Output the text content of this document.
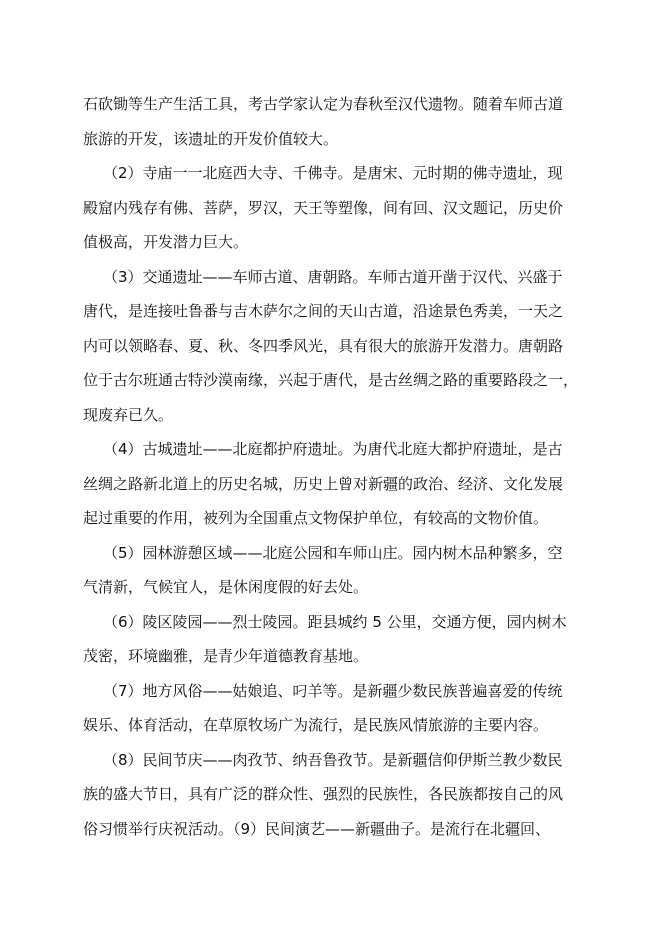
石砍锄等生产生活工具，考古学家认定为春秋至汉代遗物。随着车师古道

旅游的开发，该遗址的开发价值较大。

（2）寺庙一一北庭西大寺、千佛寺。是唐宋、元时期的佛寺遗址，现

殿窟内残存有佛、菩萨，罗汉，天王等塑像，间有回、汉文题记，历史价

值极高，开发潜力巨大。

（3）交通遗址——车师古道、唐朝路。车师古道开凿于汉代、兴盛于

唐代，是连接吐鲁番与吉木萨尔之间的天山古道，沿途景色秀美，一天之

内可以领略春、夏、秋、冬四季风光，具有很大的旅游开发潜力。唐朝路

位于古尔班通古特沙漠南缘，兴起于唐代，是古丝绸之路的重要路段之一，

现废弃已久。

（4）古城遗址——北庭都护府遗址。为唐代北庭大都护府遗址，是古

丝绸之路新北道上的历史名城，历史上曾对新疆的政治、经济、文化发展

起过重要的作用，被列为全国重点文物保护单位，有较高的文物价值。

（5）园林游憩区域——北庭公园和车师山庄。园内树木品种繁多，空

气清新，气候宜人，是休闲度假的好去处。

（6）陵区陵园——烈士陵园。距县城约 5 公里，交通方便，园内树木

茂密，环境幽雅，是青少年道德教育基地。

（7）地方风俗——姑娘追、叼羊等。是新疆少数民族普遍喜爱的传统

娱乐、体育活动，在草原牧场广为流行，是民族风情旅游的主要内容。

（8）民间节庆——肉孜节、纳吾鲁孜节。是新疆信仰伊斯兰教少数民

族的盛大节日，具有广泛的群众性、强烈的民族性，各民族都按自己的风

俗习惯举行庆祝活动。（9）民间演艺——新疆曲子。是流行在北疆回、
